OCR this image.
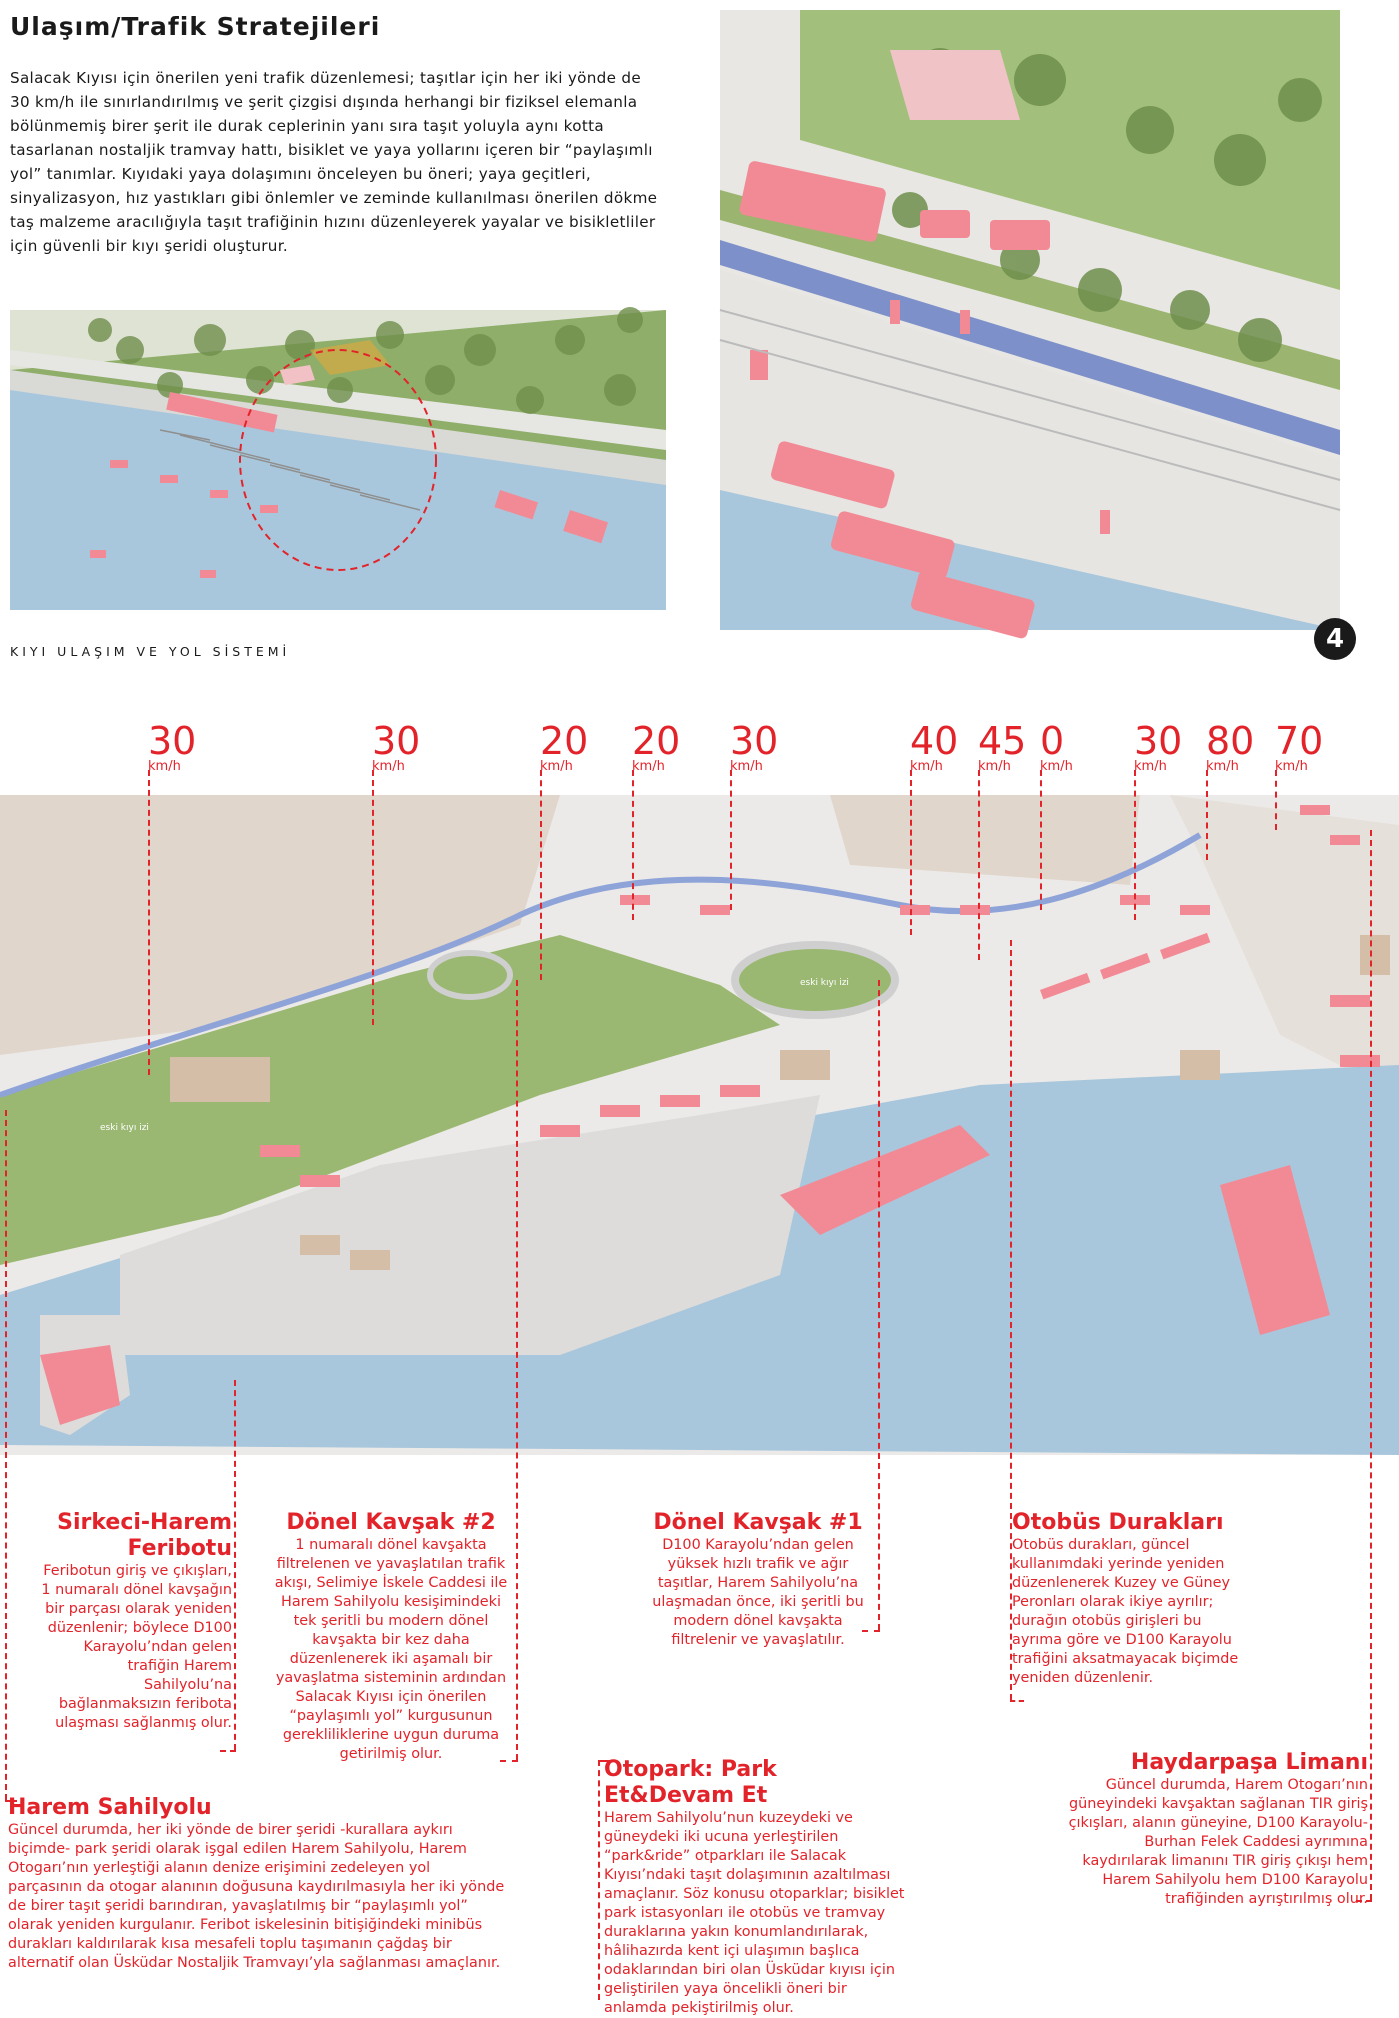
Ulaşım/Trafik Stratejileri

Salacak Kıyısı için önerilen yeni trafik düzenlemesi; taşıtlar için her iki yönde de 30 km/h ile sınırlandırılmış ve şerit çizgisi dışında herhangi bir fiziksel elemanla bölünmemiş birer şerit ile durak ceplerinin yanı sıra taşıt yoluyla aynı kotta tasarlanan nostaljik tramvay hattı, bisiklet ve yaya yollarını içeren bir “paylaşımlı yol” tanımlar. Kıyıdaki yaya dolaşımını önceleyen bu öneri; yaya geçitleri, sinyalizasyon, hız yastıkları gibi önlemler ve zeminde kullanılması önerilen dökme taş malzeme aracılığıyla taşıt trafiğinin hızını düzenleyerek yayalar ve bisikletliler için güvenli bir kıyı şeridi oluşturur.

KIYI ULAŞIM VE YOL SİSTEMİ	4
30
km/h
30
km/h
20
km/h
20
km/h
30
km/h
40
km/h
45
km/h
0
km/h
30
km/h
80
km/h
70
km/h
eski kıyı izi
eski kıyı izi
Sirkeci-Harem Feribotu

Feribotun giriş ve çıkışları, 1 numaralı dönel kavşağın bir parçası olarak yeniden düzenlenir; böylece D100 Karayolu’ndan gelen trafiğin Harem Sahilyolu’na bağlanmaksızın feribota ulaşması sağlanmış olur.

Dönel Kavşak #2

1 numaralı dönel kavşakta filtrelenen ve yavaşlatılan trafik akışı, Selimiye İskele Caddesi ile Harem Sahilyolu kesişimindeki tek şeritli bu modern dönel kavşakta bir kez daha düzenlenerek iki aşamalı bir yavaşlatma sisteminin ardından Salacak Kıyısı için önerilen “paylaşımlı yol” kurgusunun gerekliliklerine uygun duruma getirilmiş olur.

Dönel Kavşak #1

D100 Karayolu’ndan gelen yüksek hızlı trafik ve ağır taşıtlar, Harem Sahilyolu’na ulaşmadan önce, iki şeritli bu modern dönel kavşakta filtrelenir ve yavaşlatılır.

Otobüs Durakları

Otobüs durakları, güncel kullanımdaki yerinde yeniden düzenlenerek Kuzey ve Güney Peronları olarak ikiye ayrılır; durağın otobüs girişleri bu ayrıma göre ve D100 Karayolu trafiğini aksatmayacak biçimde yeniden düzenlenir.

Harem Sahilyolu

Güncel durumda, her iki yönde de birer şeridi -kurallara aykırı biçimde- park şeridi olarak işgal edilen Harem Sahilyolu, Harem Otogarı’nın yerleştiği alanın denize erişimini zedeleyen yol parçasının da otogar alanının doğusuna kaydırılmasıyla her iki yönde de birer taşıt şeridi barındıran, yavaşlatılmış bir “paylaşımlı yol” olarak yeniden kurgulanır. Feribot iskelesinin bitişiğindeki minibüs durakları kaldırılarak kısa mesafeli toplu taşımanın çağdaş bir alternatif olan Üsküdar Nostaljik Tramvayı’yla sağlanması amaçlanır.

Otopark: Park Et&Devam Et

Harem Sahilyolu’nun kuzeydeki ve güneydeki iki ucuna yerleştirilen “park&ride” otparkları ile Salacak Kıyısı’ndaki taşıt dolaşımının azaltılması amaçlanır. Söz konusu otoparklar; bisiklet park istasyonları ile otobüs ve tramvay duraklarına yakın konumlandırılarak, hâlihazırda kent içi ulaşımın başlıca odaklarından biri olan Üsküdar kıyısı için geliştirilen yaya öncelikli öneri bir anlamda pekiştirilmiş olur.

Haydarpaşa Limanı

Güncel durumda, Harem Otogarı’nın güneyindeki kavşaktan sağlanan TIR giriş çıkışları, alanın güneyine, D100 Karayolu-Burhan Felek Caddesi ayrımına kaydırılarak limanını TIR giriş çıkışı hem Harem Sahilyolu hem D100 Karayolu trafiğinden ayrıştırılmış olur.
